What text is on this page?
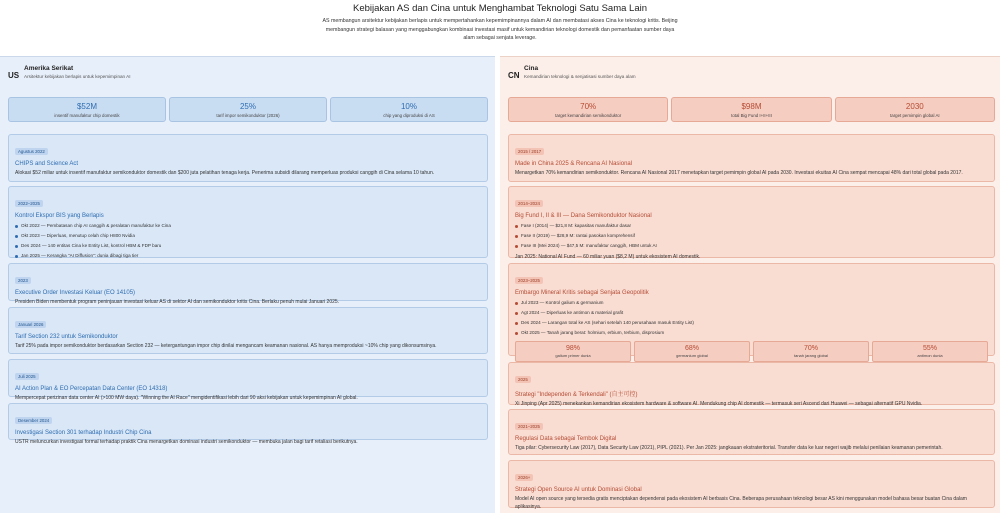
Kebijakan AS dan Cina untuk Menghambat Teknologi Satu Sama Lain
AS membangun arsitektur kebijakan berlapis untuk mempertahankan kepemimpinannya dalam AI dan membatasi akses Cina ke teknologi kritis. Beijing membangun strategi balasan yang menggabungkan kombinasi investasi masif untuk kemandirian teknologi domestik dan pemanfaatan sumber daya alam sebagai senjata leverage.
US
Amerika Serikat
Arsitektur kebijakan berlapis untuk kepemimpinan AI
$52M
insentif manufaktur chip domestik
25%
tarif impor semikonduktor (2026)
10%
chip yang diproduksi di AS
Agustus 2022
CHIPS and Science Act
Alokasi $52 miliar untuk insentif manufaktur semikonduktor domestik dan $200 juta pelatihan tenaga kerja. Penerima subsidi dilarang memperluas produksi canggih di Cina selama 10 tahun.
2022–2025
Kontrol Ekspor BIS yang Berlapis
Okt 2022 — Pembatasan chip AI canggih & peralatan manufaktur ke Cina
Okt 2023 — Diperluas, menutup celah chip H800 Nvidia
Des 2024 — 140 entitas Cina ke Entity List, kontrol HBM & FDP baru
Jan 2025 — Kerangka "AI Diffusion": dunia dibagi tiga tier
2023
Executive Order Investasi Keluar (EO 14105)
Presiden Biden membentuk program peninjauan investasi keluar AS di sektor AI dan semikonduktor kritis Cina. Berlaku penuh mulai Januari 2025.
Januari 2026
Tarif Section 232 untuk Semikonduktor
Tarif 25% pada impor semikonduktor berdasarkan Section 232 — ketergantungan impor chip dinilai mengancam keamanan nasional. AS hanya memproduksi ~10% chip yang dikonsumsinya.
Juli 2025
AI Action Plan & EO Percepatan Data Center (EO 14318)
Mempercepat perizinan data center AI (>100 MW daya). "Winning the AI Race" mengidentifikasi lebih dari 90 aksi kebijakan untuk kepemimpinan AI global.
Desember 2024
Investigasi Section 301 terhadap Industri Chip Cina
USTR meluncurkan investigasi formal terhadap praktik Cina menargetkan dominasi industri semikonduktor — membuka jalan bagi tarif retaliasi berikutnya.
CN
Cina
Kemandirian teknologi & senjatisasi sumber daya alam
70%
target kemandirian semikonduktor
$98M
total Big Fund I+II+III
2030
target pemimpin global AI
2015 / 2017
Made in China 2025 & Rencana AI Nasional
Menargetkan 70% kemandirian semikonduktor. Rencana AI Nasional 2017 menetapkan target pemimpin global AI pada 2030. Investasi ekuitas AI Cina sempat mencapai 48% dari total global pada 2017.
2014–2024
Big Fund I, II & III — Dana Semikonduktor Nasional
Fase I (2014) — $21,8 M: kapasitas manufaktur dasar
Fase II (2019) — $28,9 M: rantai pasokan komprehensif
Fase III (Mei 2024) — $47,5 M: manufaktur canggih, HBM untuk AI
Jan 2025: National AI Fund — 60 miliar yuan ($8,2 M) untuk ekosistem AI domestik.
2023–2025
Embargo Mineral Kritis sebagai Senjata Geopolitik
Jul 2023 — Kontrol galium & germanium
Agt 2024 — Diperluas ke antimon & material grafit
Des 2024 — Larangan total ke AS (sehari setelah 140 perusahaan masuk Entity List)
Okt 2025 — Tanah jarang berat: holmium, erbium, terbium, disprosium
98%
galium primer dunia
68%
germanium global
70%
tanah jarang global
55%
antimon dunia
2025
Strategi "Independen & Terkendali" (自主可控)
Xi Jinping (Apr 2025) menekankan kemandirian ekosistem hardware & software AI. Mendukung chip AI domestik — termasuk seri Ascend dari Huawei — sebagai alternatif GPU Nvidia.
2021–2025
Regulasi Data sebagai Tembok Digital
Tiga pilar: Cybersecurity Law (2017), Data Security Law (2021), PIPL (2021). Per Jan 2025: jangkauan ekstrateritorial. Transfer data ke luar negeri wajib melalui penilaian keamanan pemerintah.
2026+
Strategi Open Source AI untuk Dominasi Global
Model AI open source yang tersedia gratis menciptakan dependensi pada ekosistem AI berbasis Cina. Beberapa perusahaan teknologi besar AS kini menggunakan model bahasa besar buatan Cina dalam aplikasinya.
